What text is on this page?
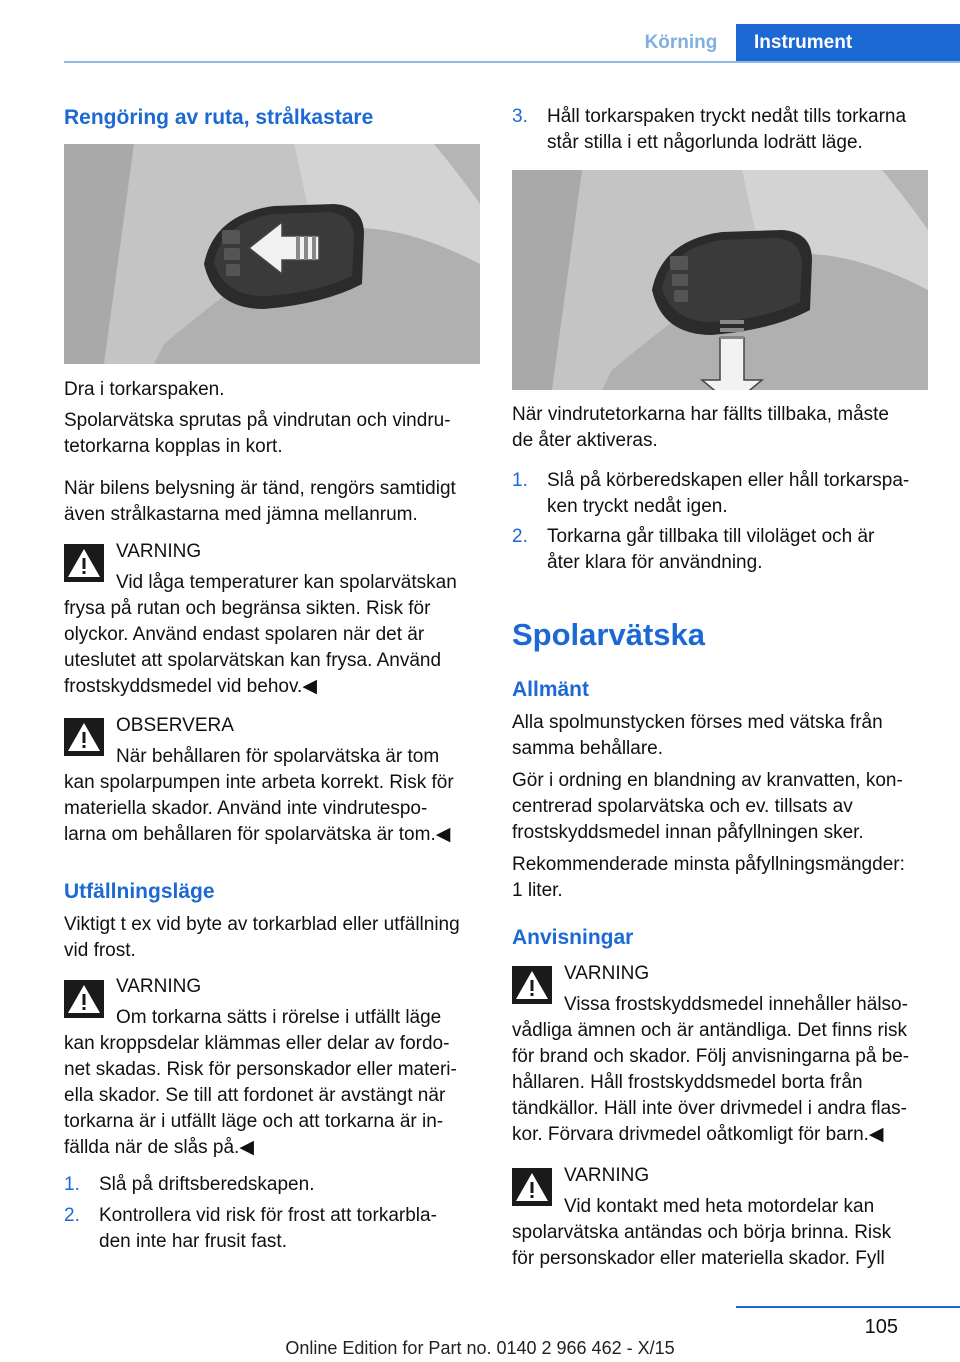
Körning	Instrument
Rengöring av ruta, strålkastare

Dra i torkarspaken.

Spolarvätska sprutas på vindrutan och vindru‐

tetorkarna kopplas in kort.

När bilens belysning är tänd, rengörs samtidigt

även strålkastarna med jämna mellanrum.

VARNING

Vid låga temperaturer kan spolarvätskan

frysa på rutan och begränsa sikten. Risk för

olyckor. Använd endast spolaren när det är

uteslutet att spolarvätskan kan frysa. Använd

frostskyddsmedel vid behov.◀

OBSERVERA

När behållaren för spolarvätska är tom

kan spolarpumpen inte arbeta korrekt. Risk för

materiella skador. Använd inte vindrutespo‐

larna om behållaren för spolarvätska är tom.◀

Utfällningsläge

Viktigt t ex vid byte av torkarblad eller utfällning

vid frost.

VARNING

Om torkarna sätts i rörelse i utfällt läge

kan kroppsdelar klämmas eller delar av fordo‐

net skadas. Risk för personskador eller materi‐

ella skador. Se till att fordonet är avstängt när

torkarna är i utfällt läge och att torkarna är in‐

fällda när de slås på.◀

1. Slå på driftsberedskapen.
2. Kontrollera vid risk för frost att torkarbla‐
den inte har frusit fast.
3. Håll torkarspaken tryckt nedåt tills torkarna
står stilla i ett någorlunda lodrätt läge.

När vindrutetorkarna har fällts tillbaka, måste

de åter aktiveras.

1. Slå på körberedskapen eller håll torkarspa‐
ken tryckt nedåt igen.
2. Torkarna går tillbaka till viloläget och är
åter klara för användning.
Spolarvätska
Allmänt

Alla spolmunstycken förses med vätska från

samma behållare.

Gör i ordning en blandning av kranvatten, kon‐

centrerad spolarvätska och ev. tillsats av

frostskyddsmedel innan påfyllningen sker.

Rekommenderade minsta påfyllningsmängder:

1 liter.

Anvisningar

VARNING

Vissa frostskyddsmedel innehåller hälso‐

vådliga ämnen och är antändliga. Det finns risk

för brand och skador. Följ anvisningarna på be‐

hållaren. Håll frostskyddsmedel borta från

tändkällor. Häll inte över drivmedel i andra flas‐

kor. Förvara drivmedel oåtkomligt för barn.◀

VARNING

Vid kontakt med heta motordelar kan

spolarvätska antändas och börja brinna. Risk

för personskador eller materiella skador. Fyll

105
Online Edition for Part no. 0140 2 966 462 - X/15
